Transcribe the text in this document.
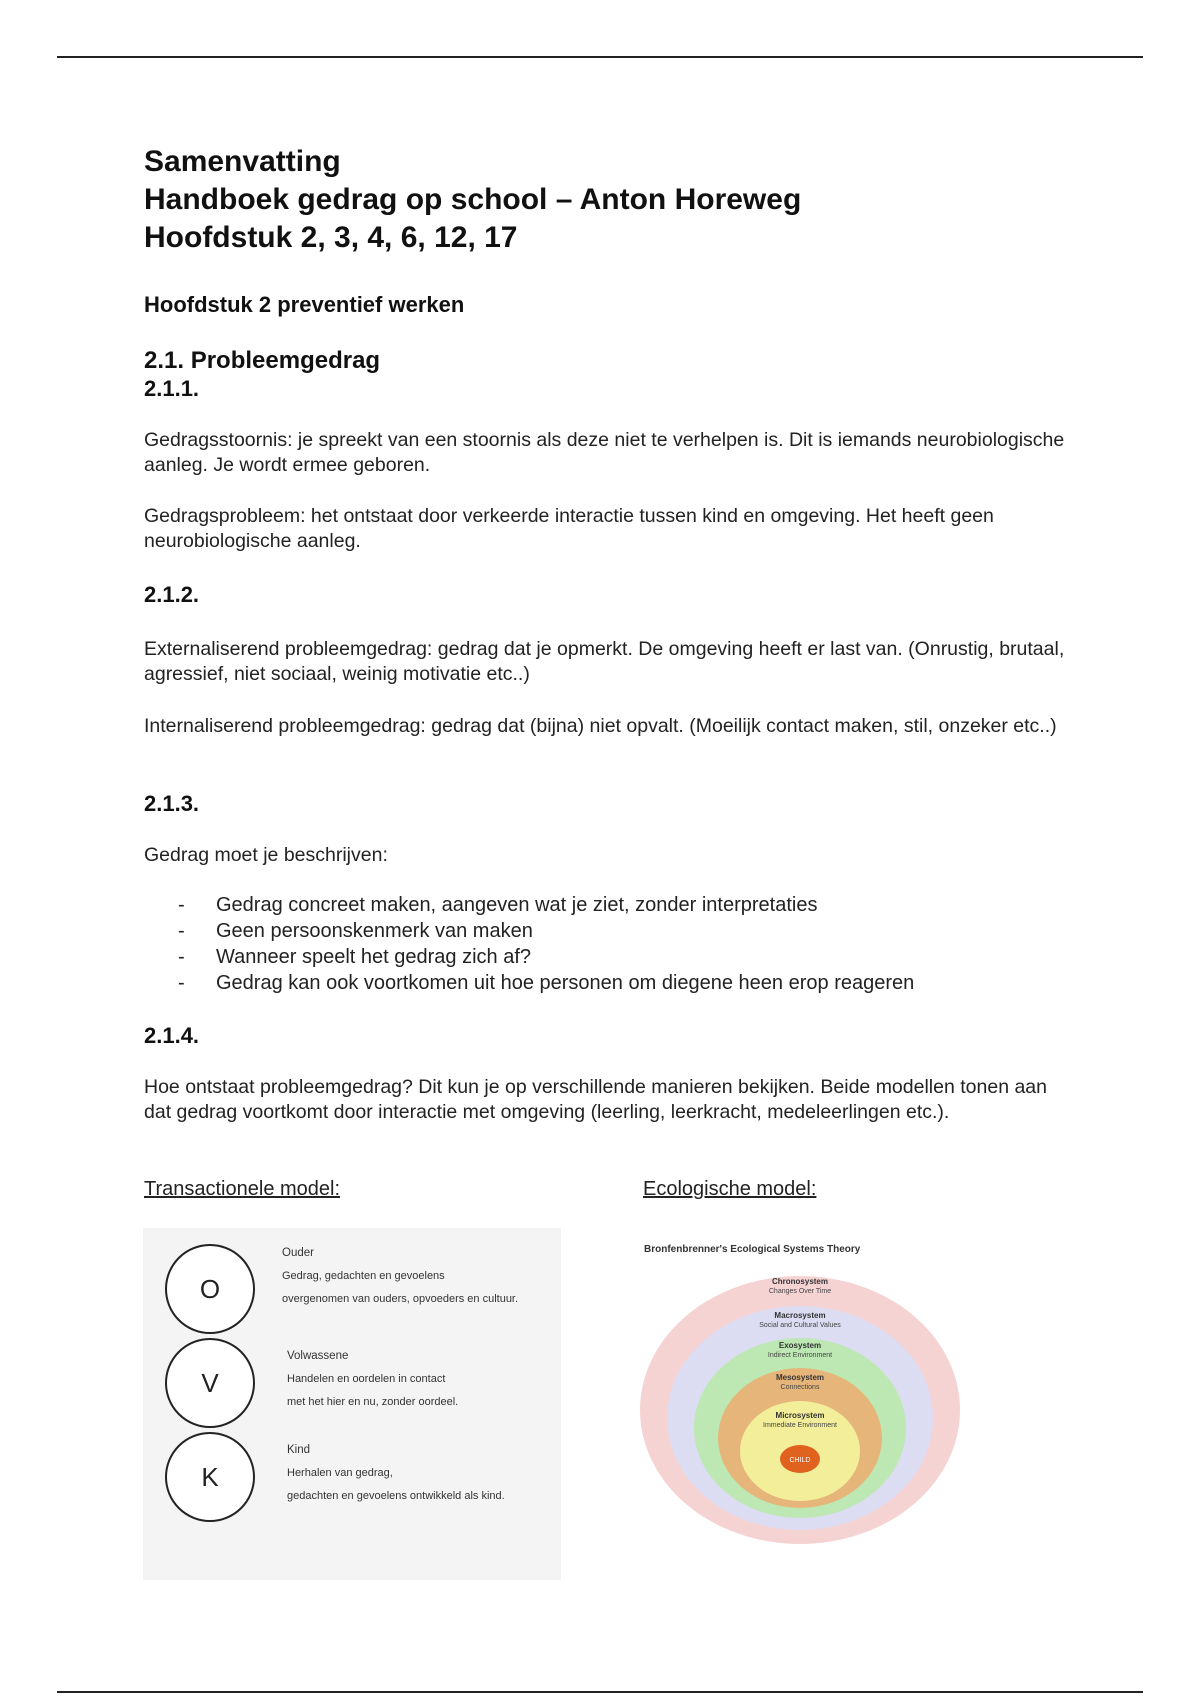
Samenvatting
Handboek gedrag op school – Anton Horeweg
Hoofdstuk 2, 3, 4, 6, 12, 17
Hoofdstuk 2 preventief werken
2.1. Probleemgedrag
2.1.1.
Gedragsstoornis: je spreekt van een stoornis als deze niet te verhelpen is. Dit is iemands neurobiologische aanleg. Je wordt ermee geboren.
Gedragsprobleem: het ontstaat door verkeerde interactie tussen kind en omgeving. Het heeft geen neurobiologische aanleg.
2.1.2.
Externaliserend probleemgedrag: gedrag dat je opmerkt. De omgeving heeft er last van. (Onrustig, brutaal, agressief, niet sociaal, weinig motivatie etc..)
Internaliserend probleemgedrag: gedrag dat (bijna) niet opvalt. (Moeilijk contact maken, stil, onzeker etc..)
2.1.3.
Gedrag moet je beschrijven:
- Gedrag concreet maken, aangeven wat je ziet, zonder interpretaties
- Geen persoonskenmerk van maken
- Wanneer speelt het gedrag zich af?
- Gedrag kan ook voortkomen uit hoe personen om diegene heen erop reageren
2.1.4.
Hoe ontstaat probleemgedrag? Dit kun je op verschillende manieren bekijken. Beide modellen tonen aan dat gedrag voortkomt door interactie met omgeving (leerling, leerkracht, medeleerlingen etc.).
Transactionele model:	Ecologische model:
O
Ouder
Gedrag, gedachten en gevoelens
overgenomen van ouders, opvoeders en cultuur.
V
Volwassene
Handelen en oordelen in contact
met het hier en nu, zonder oordeel.
K
Kind
Herhalen van gedrag,
gedachten en gevoelens ontwikkeld als kind.
Bronfenbrenner's Ecological Systems Theory
Chronosystem
Changes Over Time
Macrosystem
Social and Cultural Values
Exosystem
Indirect Environment
Mesosystem
Connections
Microsystem
Immediate Environment
CHILD
